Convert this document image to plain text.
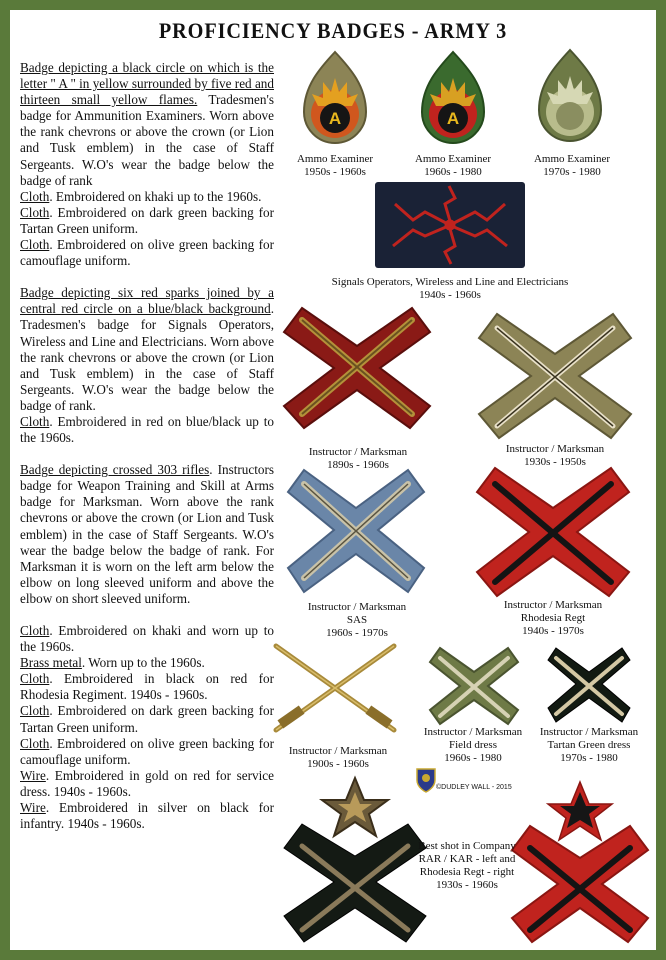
PROFICIENCY BADGES - ARMY 3

Badge depicting a black circle on which is the letter " A " in yellow surrounded by five red and thirteen small yellow flames. Tradesmen's badge for Ammunition Examiners. Worn above the rank chevrons or above the crown (or Lion and Tusk emblem) in the case of Staff Sergeants. W.O's wear the badge below the badge of rank
Cloth. Embroidered on khaki up to the 1960s.
Cloth. Embroidered on dark green backing for Tartan Green uniform.
Cloth. Embroidered on olive green backing for camouflage uniform.

Badge depicting six red sparks joined by a central red circle on a blue/black background. Tradesmen's badge for Signals Operators, Wireless and Line and Electricians. Worn above the rank chevrons or above the crown (or Lion and Tusk emblem) in the case of Staff Sergeants. W.O's wear the badge below the badge of rank.
Cloth. Embroidered in red on blue/black up to the 1960s.

Badge depicting crossed 303 rifles. Instructors badge for Weapon Training and Skill at Arms badge for Marksman. Worn above the rank chevrons or above the crown (or Lion and Tusk emblem) in the case of Staff Sergeants. W.O's wear the badge below the badge of rank. For Marksman it is worn on the left arm below the elbow on long sleeved uniform and above the elbow on short sleeved uniform.

Cloth. Embroidered on khaki and worn up to the 1960s.
Brass metal. Worn up to the 1960s.
Cloth. Embroidered in black on red for Rhodesia Regiment. 1940s - 1960s.
Cloth. Embroidered on dark green backing for Tartan Green uniform.
Cloth. Embroidered on olive green backing for camouflage uniform.
Wire. Embroidered in gold on red for service dress. 1940s - 1960s.
Wire. Embroidered in silver on black for infantry. 1940s - 1960s.

A
Ammo Examiner
1950s - 1960s
A
Ammo Examiner
1960s - 1980
Ammo Examiner
1970s - 1980
Signals Operators, Wireless and Line and Electricians
1940s - 1960s
Instructor / Marksman
1890s - 1960s
Instructor / Marksman
1930s - 1950s
Instructor / Marksman
SAS
1960s - 1970s
Instructor / Marksman
Rhodesia Regt
1940s - 1970s
Instructor / Marksman
1900s - 1960s
Instructor / Marksman
Field dress
1960s - 1980
Instructor / Marksman
Tartan Green dress
1970s - 1980
©DUDLEY WALL - 2015
Best shot in Company
RAR / KAR - left and
Rhodesia Regt - right
1930s - 1960s
